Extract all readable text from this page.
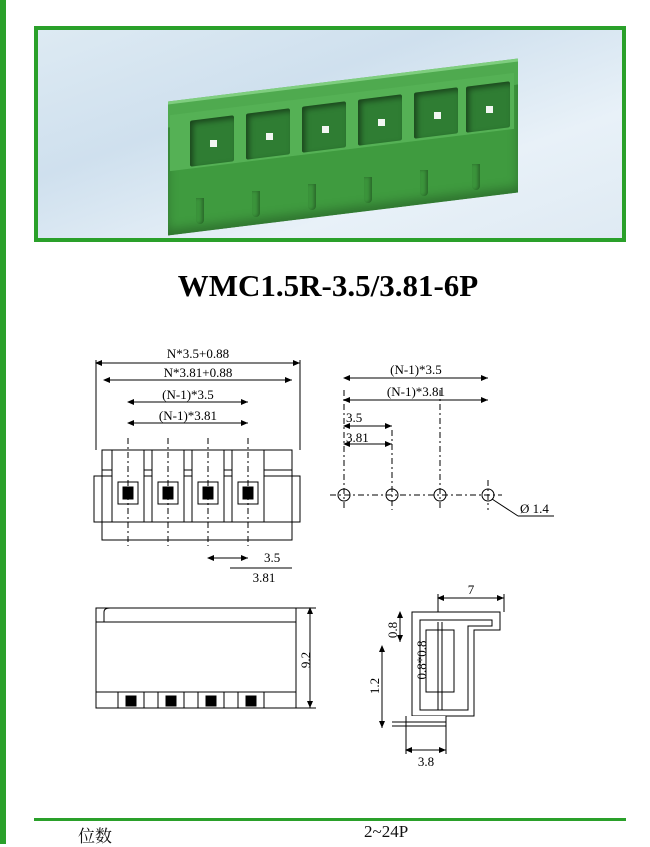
WMC1.5R-3.5/3.81-6P
N*3.5+0.88
N*3.81+0.88
(N-1)*3.5
(N-1)*3.81
3.5
3.81
(N-1)*3.5
(N-1)*3.81
3.5
3.81
Ø 1.4
9.2
7
0.8
0.8*0.8
1.2
3.8
位数	2~24P
